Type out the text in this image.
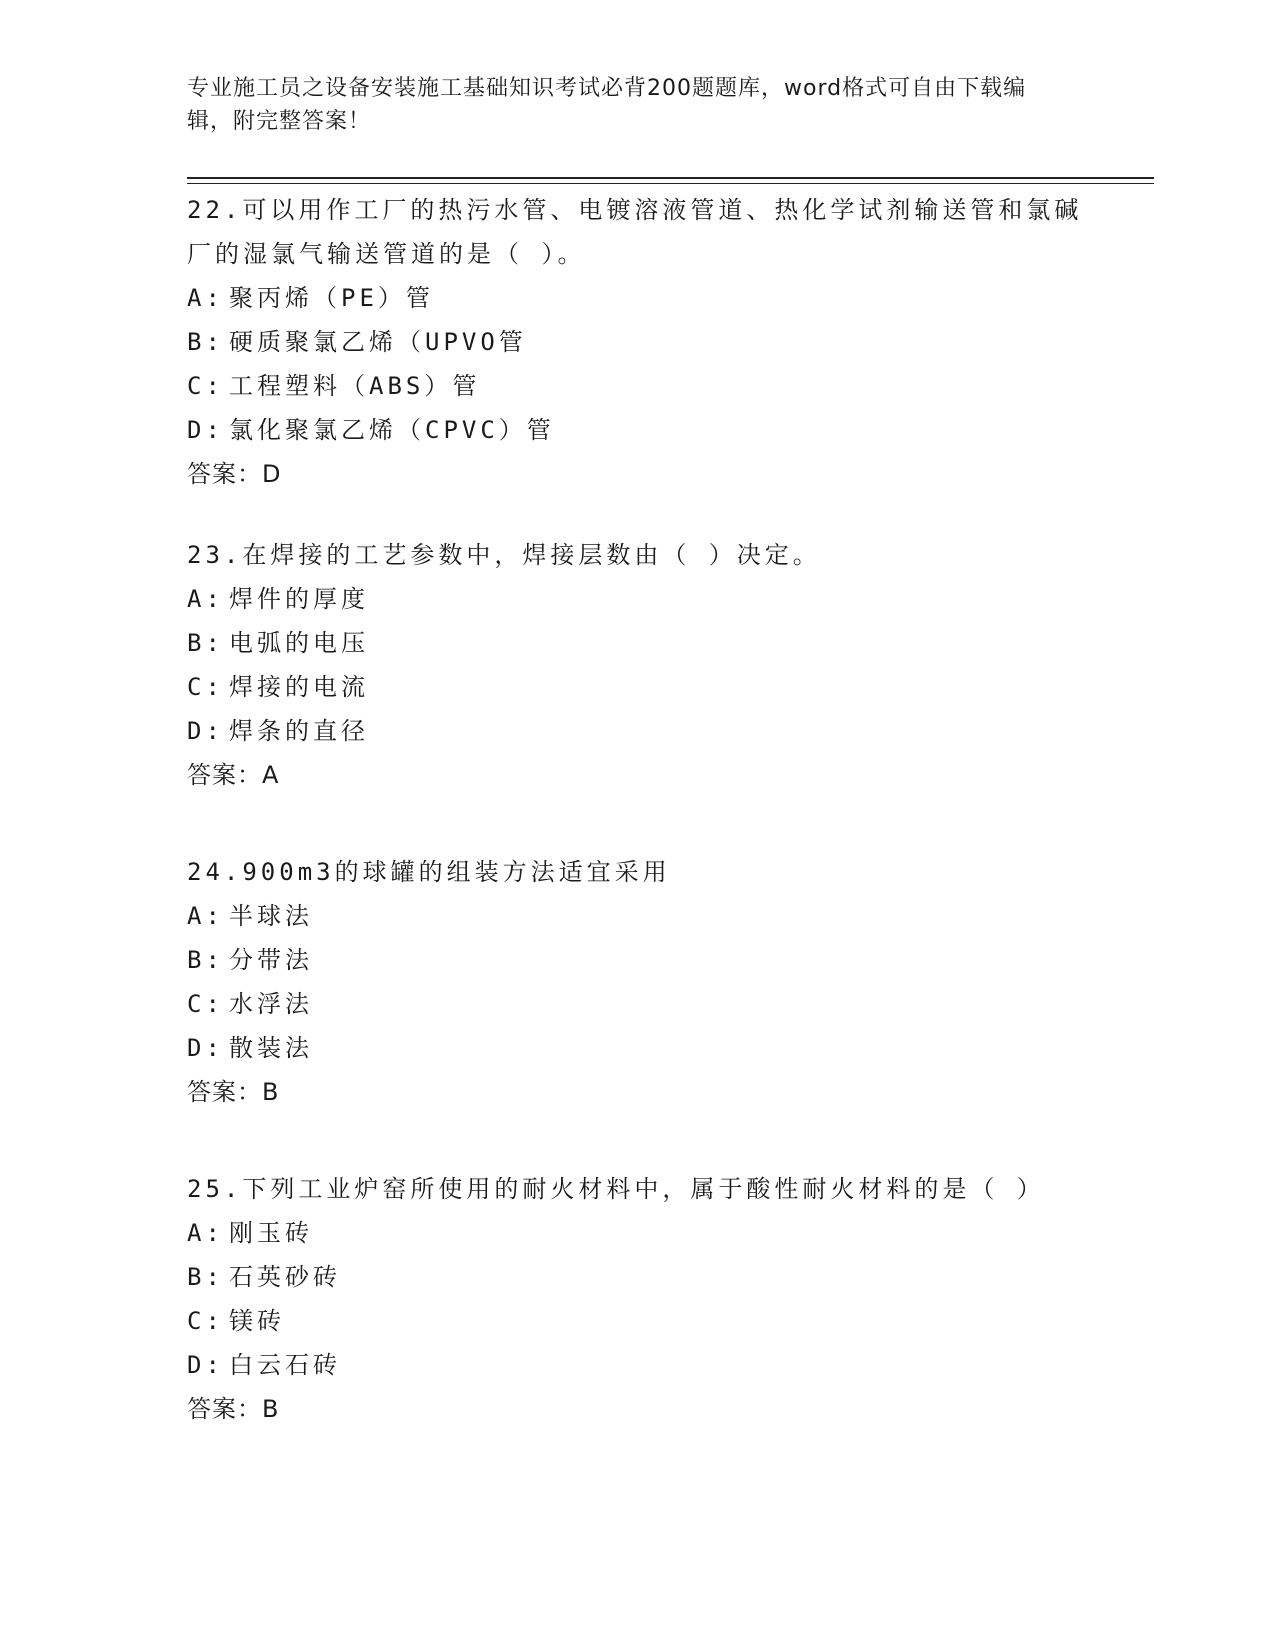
专业施工员之设备安装施工基础知识考试必背200题题库，word格式可自由下载编辑，附完整答案！

22.可以用作工厂的热污水管、电镀溶液管道、热化学试剂输送管和氯碱厂的湿氯气输送管道的是（ ）。

A: 聚丙烯（PE）管

B: 硬质聚氯乙烯（UPVO管

C: 工程塑料（ABS）管

D: 氯化聚氯乙烯（CPVC）管

答案：D

23.在焊接的工艺参数中，焊接层数由（ ）决定。

A: 焊件的厚度

B: 电弧的电压

C: 焊接的电流

D: 焊条的直径

答案：A

24.900m3的球罐的组装方法适宜采用

A: 半球法

B: 分带法

C: 水浮法

D: 散装法

答案：B

25.下列工业炉窑所使用的耐火材料中，属于酸性耐火材料的是（ ）

A: 刚玉砖

B: 石英砂砖

C: 镁砖

D: 白云石砖

答案：B
